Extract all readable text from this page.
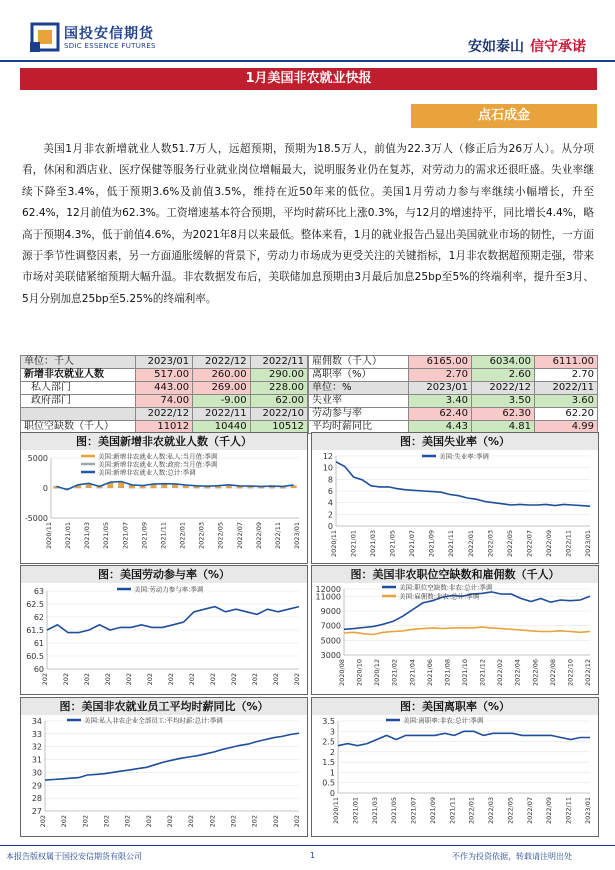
国投安信期货
SDIC ESSENCE FUTURES	安如泰山 信守承诺
1月美国非农就业快报
点石成金
美国1月非农新增就业人数51.7万人，远超预期，预期为18.5万人，前值为22.3万人（修正后为26万人）。从分项看，休闲和酒店业、医疗保健等服务行业就业岗位增幅最大，说明服务业仍在复苏，对劳动力的需求还很旺盛。失业率继续下降至3.4%，低于预期3.6%及前值3.5%，维持在近50年来的低位。美国1月劳动力参与率继续小幅增长，升至62.4%，12月前值为62.3%。工资增速基本符合预期，平均时薪环比上涨0.3%，与12月的增速持平，同比增长4.4%，略高于预期4.3%，低于前值4.6%，为2021年8月以来最低。整体来看，1月的就业报告凸显出美国就业市场的韧性，一方面源于季节性调整因素，另一方面通胀缓解的背景下，劳动力市场成为更受关注的关键指标，1月非农数据超预期走强，带来市场对美联储紧缩预期大幅升温。非农数据发布后，美联储加息预期由3月最后加息25bp至5%的终端利率，提升至3月、5月分别加息25bp至5.25%的终端利率。
单位：千人	2023/01	2022/12	2022/11
新增非农就业人数	517.00	260.00	290.00
私人部门	443.00	269.00	228.00
政府部门	74.00	-9.00	62.00
	2022/12	2022/11	2022/10
职位空缺数（千人）	11012	10440	10512
雇佣数（千人）	6165.00	6034.00	6111.00
离职率（%）	2.70	2.60	2.70
单位：%	2023/01	2022/12	2022/11
失业率	3.40	3.50	3.60
劳动参与率	62.40	62.30	62.20
平均时薪同比	4.43	4.81	4.99
图：美国新增非农就业人数（千人）
5000
0
-5000
2020/11 2021/01 2021/03 2021/05 2021/07 2021/09 2021/11 2022/01 2022/03 2022/05 2022/07 2022/09 2022/11 2023/01
美国:新增非农就业人数:私人:当月值:季调
美国:新增非农就业人数:政府:当月值:季调
美国:新增非农就业人数:总计:季调
图：美国失业率（%）
12
10
8
6
4
2
0
2020/11 2021/01 2021/03 2021/05 2021/07 2021/09 2021/11 2022/01 2022/03 2022/05 2022/07 2022/09 2022/11 2023/01
美国:失业率:季调
图：美国劳动参与率（%）
63
62.5
62
61.5
61
60.5
60
202 202 202 202 202 202 202 202 202 202 202 202 202
美国:劳动力参与率:季调
图：美国非农职位空缺数和雇佣数（千人）
12000
11000
9000
7000
5000
3000
2020/08 2020/10 2020/12 2021/02 2021/04 2021/06 2021/08 2021/10 2021/12 2022/02 2022/04 2022/06 2022/08 2022/10 2022/12
美国:职位空缺数:非农:总计:季调
美国:雇佣数:非农:总计:季调
图：美国非农就业员工平均时薪同比（%）
34
33
32
31
30
29
28
27
202 202 202 202 202 202 202 202 202 202 202 202 202
美国:私人非农企业全部员工:平均时薪:总计:季调
图：美国离职率（%）
3.5
3
2.5
2
1.5
1
0.5
0
2020/11 2021/01 2021/03 2021/05 2021/07 2021/09 2021/11 2022/01 2022/03 2022/05 2022/07 2022/09 2022/11 2023/01
美国:离职率:非农:总计:季调
本报告版权属于国投安信期货有限公司	1	不作为投资依据，转载请注明出处
